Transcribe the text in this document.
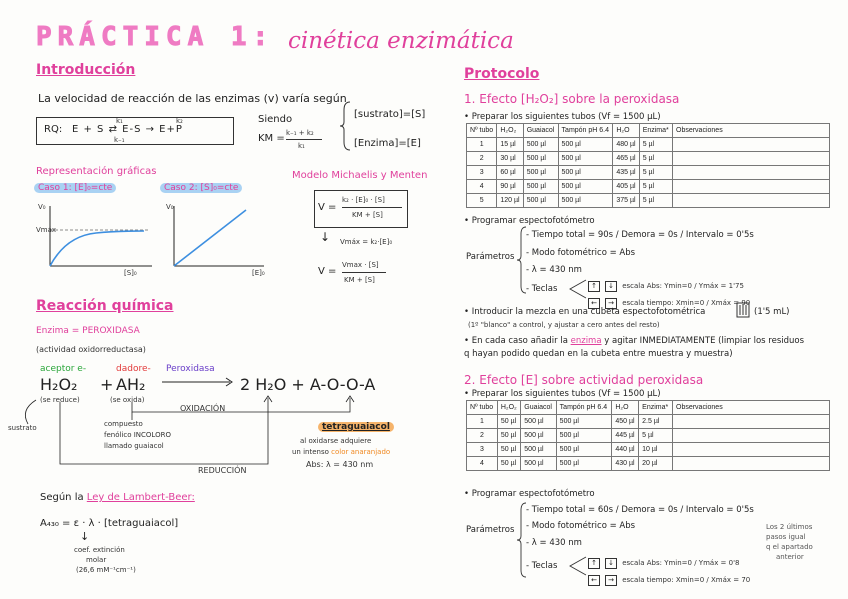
PRÁCTICA 1: cinética enzimática
Introducción
La velocidad de reacción de las enzimas (v) varía según
[sustrato]=[S]
[Enzima]=[E]
RQ: E + S ⇄ E-S → E+P
k₁
k₋₁
k₂	Siendo
KM = k₋₁ + k₂
k₁
Representación gráficas
Caso 1: [E]₀=cte	Caso 2: [S]₀=cte
V₀
Vmáx
[S]₀
V₀
[E]₀
Modelo Michaelis y Menten
V =
k₂ · [E]₀ · [S]
KM + [S]
↓ Vmáx = k₂·[E]₀
V =
Vmax · [S]
KM + [S]
Reacción química
Enzima = PEROXIDASA
(actividad oxidorreductasa)
aceptor e-	dadore- Peroxidasa
H₂O₂ + AH₂	2 H₂O + A-O-O-A
(se reduce)	(se oxida)
sustrato
OXIDACIÓN
REDUCCIÓN
compuesto
fenólico INCOLORO
llamado guaiacol
tetraguaiacol
al oxidarse adquiere
un intenso color anaranjado
Abs: λ = 430 nm
Según la Ley de Lambert-Beer:
A₄₃₀ = ε · λ · [tetraguaiacol]
↓
coef. extinción
molar
(26,6 mM⁻¹cm⁻¹)
Protocolo
1. Efecto [H₂O₂] sobre la peroxidasa
• Preparar los siguientes tubos (Vf = 1500 µL)
Nº tubo	H₂O₂	Guaiacol	Tampón pH 6.4	H₂O	Enzima*	Observaciones
1	15 µl	500 µl	500 µl	480 µl	5 µl	
2	30 µl	500 µl	500 µl	465 µl	5 µl	
3	60 µl	500 µl	500 µl	435 µl	5 µl	
4	90 µl	500 µl	500 µl	405 µl	5 µl	
5	120 µl	500 µl	500 µl	375 µl	5 µl	
• Programar espectofotómetro
Parámetros
- Tiempo total = 90s / Demora = 0s / Intervalo = 0'5s
- Modo fotométrico = Abs
- λ = 430 nm
- Teclas	↑ ↓ escala Abs: Ymin=0 / Ymáx = 1'75
← → escala tiempo: Xmin=0 / Xmáx = 90
• Introducir la mezcla en una cubeta espectofotométrica	(1'5 mL)
(1º "blanco" a control, y ajustar a cero antes del resto)
• En cada caso añadir la enzima y agitar INMEDIATAMENTE (limpiar los residuos
q hayan podido quedan en la cubeta entre muestra y muestra)
2. Efecto [E] sobre actividad peroxidasa
• Preparar los siguientes tubos (Vf = 1500 µL)
Nº tubo	H₂O₂	Guaiacol	Tampón pH 6.4	H₂O	Enzima*	Observaciones
1	50 µl	500 µl	500 µl	450 µl	2.5 µl	
2	50 µl	500 µl	500 µl	445 µl	5 µl	
3	50 µl	500 µl	500 µl	440 µl	10 µl	
4	50 µl	500 µl	500 µl	430 µl	20 µl	
• Programar espectofotómetro
Parámetros
- Tiempo total = 60s / Demora = 0s / Intervalo = 0'5s
- Modo fotométrico = Abs
- λ = 430 nm
- Teclas	↑ ↓ escala Abs: Ymin=0 / Ymáx = 0'8
← → escala tiempo: Xmin=0 / Xmáx = 70
Los 2 últimos
pasos igual
q el apartado
anterior
